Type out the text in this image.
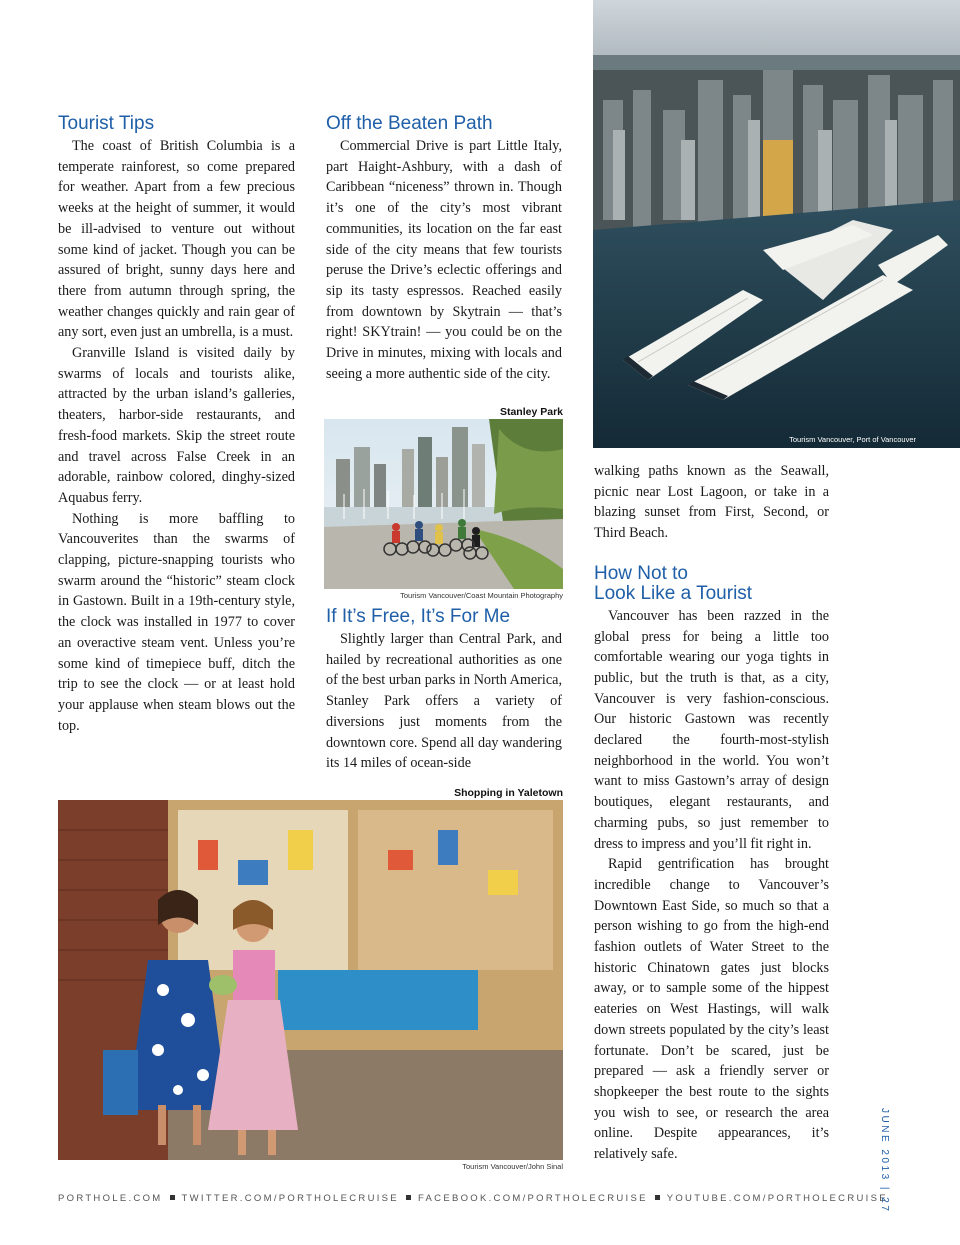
Tourist Tips

The coast of British Columbia is a temperate rainforest, so come prepared for weather. Apart from a few precious weeks at the height of summer, it would be ill-advised to venture out without some kind of jacket. Though you can be assured of bright, sunny days here and there from autumn through spring, the weather changes quickly and rain gear of any sort, even just an umbrella, is a must.

Granville Island is visited daily by swarms of locals and tourists alike, attracted by the urban island’s galleries, theaters, harbor-side restaurants, and fresh-food markets. Skip the street route and travel across False Creek in an adorable, rainbow colored, dinghy-sized Aquabus ferry.

Nothing is more baffling to Vancouverites than the swarms of clapping, picture-snapping tourists who swarm around the “historic” steam clock in Gastown. Built in a 19th-century style, the clock was installed in 1977 to cover an overactive steam vent. Unless you’re some kind of timepiece buff, ditch the trip to see the clock — or at least hold your applause when steam blows out the top.

Off the Beaten Path

Commercial Drive is part Little Italy, part Haight-Ashbury, with a dash of Caribbean “niceness” thrown in. Though it’s one of the city’s most vibrant communities, its location on the far east side of the city means that few tourists peruse the Drive’s eclectic offerings and sip its tasty espressos. Reached easily from downtown by Skytrain — that’s right! SKYtrain! — you could be on the Drive in minutes, mixing with locals and seeing a more authentic side of the city.

Stanley Park
Tourism Vancouver/Coast Mountain Photography
If It’s Free, It’s For Me

Slightly larger than Central Park, and hailed by recreational authorities as one of the best urban parks in North America, Stanley Park offers a variety of diversions just moments from the downtown core. Spend all day wandering its 14 miles of ocean-side

Tourism Vancouver, Port of Vancouver

walking paths known as the Seawall, picnic near Lost Lagoon, or take in a blazing sunset from First, Second, or Third Beach.

How Not to
Look Like a Tourist

Vancouver has been razzed in the global press for being a little too comfortable wearing our yoga tights in public, but the truth is that, as a city, Vancouver is very fashion-conscious. Our historic Gastown was recently declared the fourth-most-stylish neighborhood in the world. You won’t want to miss Gastown’s array of design boutiques, elegant restaurants, and charming pubs, so just remember to dress to impress and you’ll fit right in.

Rapid gentrification has brought incredible change to Vancouver’s Downtown East Side, so much so that a person wishing to go from the high-end fashion outlets of Water Street to the historic Chinatown gates just blocks away, or to sample some of the hippest eateries on West Hastings, will walk down streets populated by the city’s least fortunate. Don’t be scared, just be prepared — ask a friendly server or shopkeeper the best route to the sights you wish to see, or research the area online. Despite appearances, it’s relatively safe.

Shopping in Yaletown
Tourism Vancouver/John Sinal
PORTHOLE.COM TWITTER.COM/PORTHOLECRUISE FACEBOOK.COM/PORTHOLECRUISE YOUTUBE.COM/PORTHOLECRUISE
JUNE 2013 | 27
